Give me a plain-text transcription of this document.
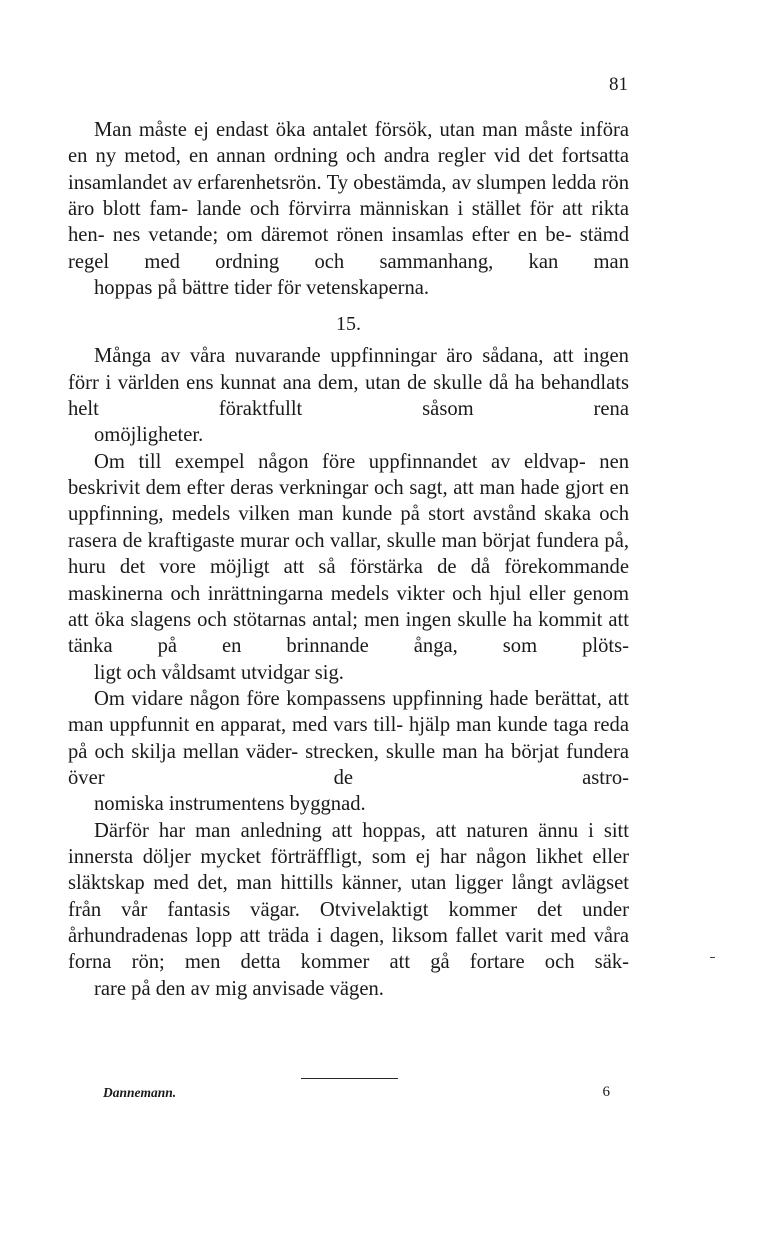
81

Man måste ej endast öka antalet försök, utan man måste införa en ny metod, en annan ordning och andra regler vid det fortsatta insamlandet av erfarenhetsrön. Ty obestämda, av slumpen ledda rön äro blott fam- lande och förvirra människan i stället för att rikta hen- nes vetande; om däremot rönen insamlas efter en be- stämd regel med ordning och sammanhang, kan man
hoppas på bättre tider för vetenskaperna.

15.

Många av våra nuvarande uppfinningar äro sådana, att ingen förr i världen ens kunnat ana dem, utan de skulle då ha behandlats helt föraktfullt såsom rena
omöjligheter.

Om till exempel någon före uppfinnandet av eldvap- nen beskrivit dem efter deras verkningar och sagt, att man hade gjort en uppfinning, medels vilken man kunde på stort avstånd skaka och rasera de kraftigaste murar och vallar, skulle man börjat fundera på, huru det vore möjligt att så förstärka de då förekommande maskinerna och inrättningarna medels vikter och hjul eller genom att öka slagens och stötarnas antal; men ingen skulle ha kommit att tänka på en brinnande ånga, som plöts-
ligt och våldsamt utvidgar sig.

Om vidare någon före kompassens uppfinning hade berättat, att man uppfunnit en apparat, med vars till- hjälp man kunde taga reda på och skilja mellan väder- strecken, skulle man ha börjat fundera över de astro-
nomiska instrumentens byggnad.

Därför har man anledning att hoppas, att naturen ännu i sitt innersta döljer mycket förträffligt, som ej har någon likhet eller släktskap med det, man hittills känner, utan ligger långt avlägset från vår fantasis vägar. Otvivelaktigt kommer det under århundradenas lopp att träda i dagen, liksom fallet varit med våra forna rön; men detta kommer att gå fortare och säk-
rare på den av mig anvisade vägen.

Dannemann.	6
